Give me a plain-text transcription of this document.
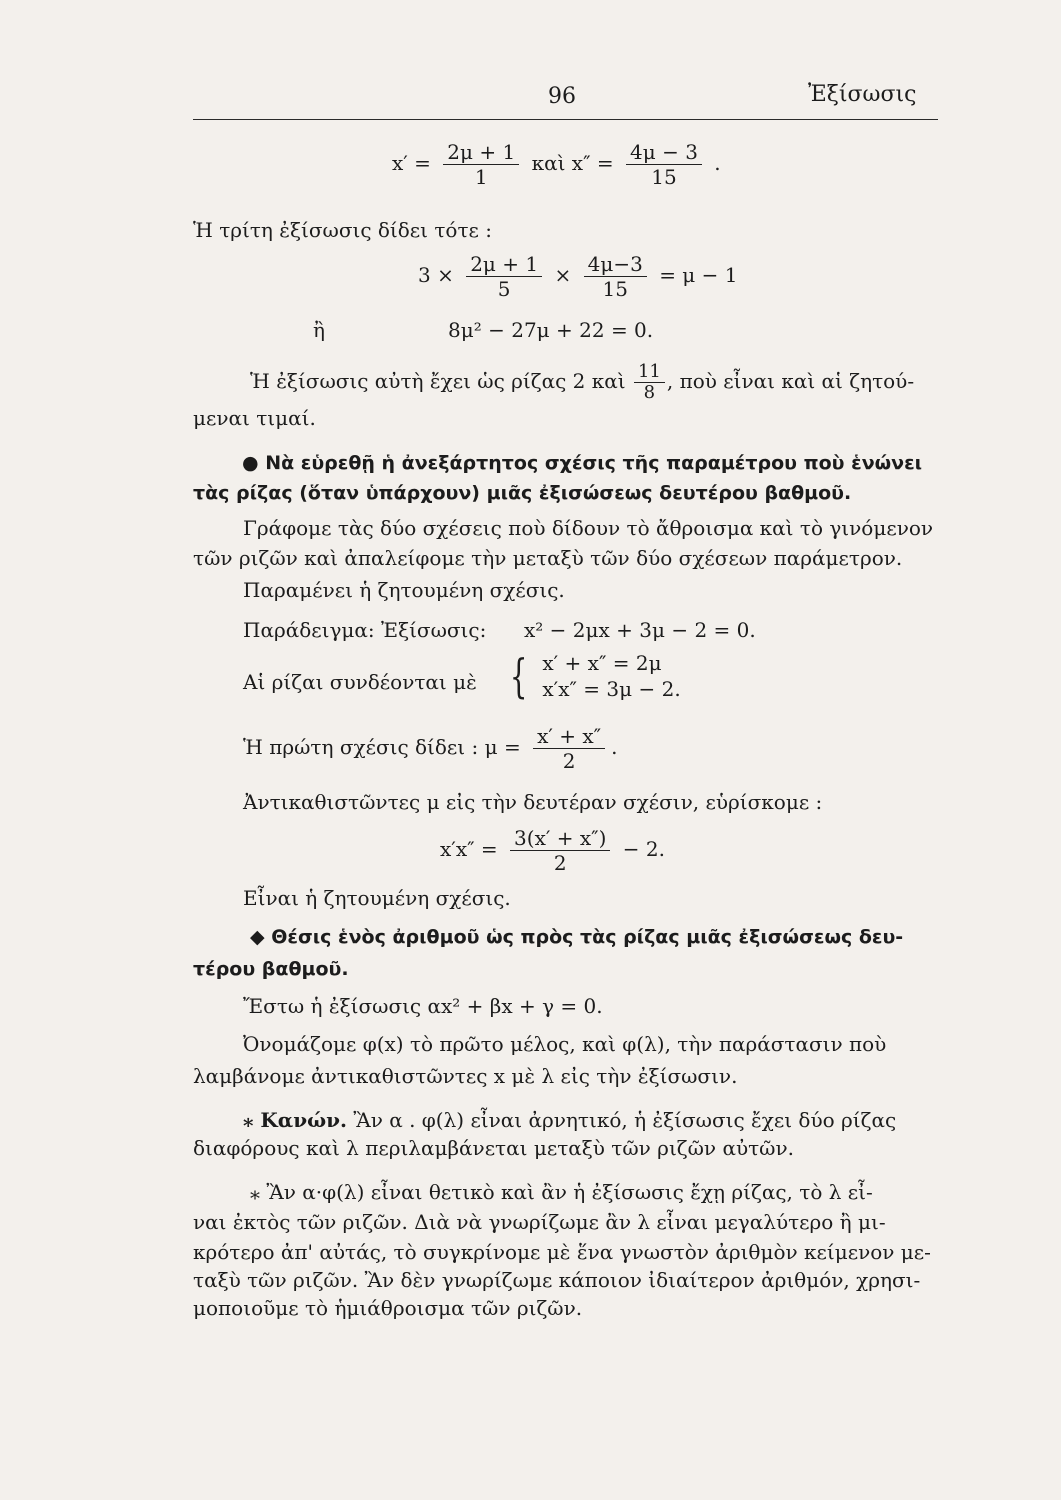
96	Ἐξίσωσις
$x' = \frac{2\mu + 1}{1}$ καὶ $x'' = \frac{4\mu - 3}{15}$ .
Ἡ τρίτη ἐξίσωσις δίδει τότε :
$3 \times \frac{2\mu + 1}{5} \times \frac{4\mu-3}{15} = \mu - 1$
ἢ	8μ² − 27μ + 22 = 0.
Ἡ ἐξίσωσις αὐτὴ ἔχει ὡς ρίζας 2 καὶ $\frac{11}{8}$ , ποὺ εἶναι καὶ αἱ ζητού-
μεναι τιμαί.
● Νὰ εὑρεθῇ ἡ ἀνεξάρτητος σχέσις τῆς παραμέτρου ποὺ ἑνώνει
τὰς ρίζας (ὅταν ὑπάρχουν) μιᾶς ἐξισώσεως δευτέρου βαθμοῦ.
Γράφομε τὰς δύο σχέσεις ποὺ δίδουν τὸ ἄθροισμα καὶ τὸ γινόμενον
τῶν ριζῶν καὶ ἀπαλείφομε τὴν μεταξὺ τῶν δύο σχέσεων παράμετρον.
Παραμένει ἡ ζητουμένη σχέσις.
Παράδειγμα: Ἐξίσωσις: x² − 2μx + 3μ − 2 = 0.
Αἱ ρίζαι συνδέονται μὲ { x′ + x″ = 2μ
x′x″ = 3μ − 2.
Ἡ πρώτη σχέσις δίδει : $\mu = \frac{x' + x''}{2}$ .
Ἀντικαθιστῶντες μ εἰς τὴν δευτέραν σχέσιν, εὑρίσκομε :
$x'x'' = \frac{3(x' + x'')}{2} - 2$.
Εἶναι ἡ ζητουμένη σχέσις.
◆ Θέσις ἑνὸς ἀριθμοῦ ὡς πρὸς τὰς ρίζας μιᾶς ἐξισώσεως δευ-
τέρου βαθμοῦ.
Ἔστω ἡ ἐξίσωσις αx² + βx + γ = 0.
Ὀνομάζομε φ(x) τὸ πρῶτο μέλος, καὶ φ(λ), τὴν παράστασιν ποὺ
λαμβάνομε ἀντικαθιστῶντες x μὲ λ εἰς τὴν ἐξίσωσιν.
⁎ Κανών. Ἂν α . φ(λ) εἶναι ἀρνητικό, ἡ ἐξίσωσις ἔχει δύο ρίζας
διαφόρους καὶ λ περιλαμβάνεται μεταξὺ τῶν ριζῶν αὐτῶν.
⁎ Ἂν α·φ(λ) εἶναι θετικὸ καὶ ἂν ἡ ἐξίσωσις ἔχῃ ρίζας, τὸ λ εἶ-
ναι ἐκτὸς τῶν ριζῶν. Διὰ νὰ γνωρίζωμε ἂν λ εἶναι μεγαλύτερο ἢ μι-
κρότερο ἀπ' αὐτάς, τὸ συγκρίνομε μὲ ἕνα γνωστὸν ἀριθμὸν κείμενον με-
ταξὺ τῶν ριζῶν. Ἂν δὲν γνωρίζωμε κάποιον ἰδιαίτερον ἀριθμόν, χρησι-
μοποιοῦμε τὸ ἡμιάθροισμα τῶν ριζῶν.
